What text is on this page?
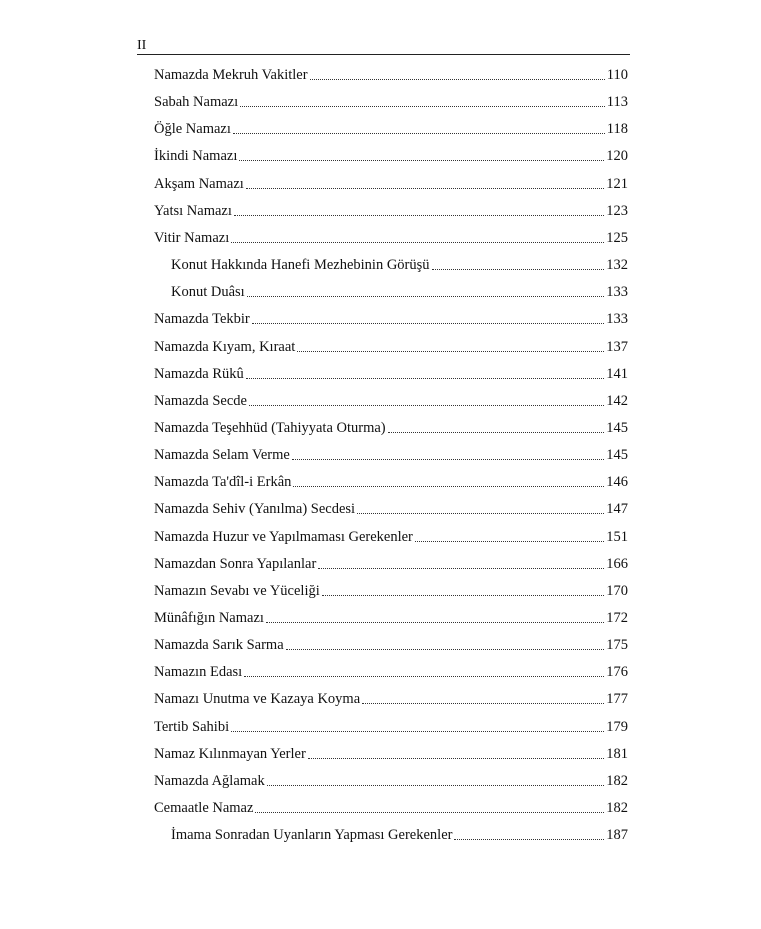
II
Namazda Mekruh Vakitler	110
Sabah Namazı	113
Öğle Namazı	118
İkindi Namazı	120
Akşam Namazı	121
Yatsı Namazı	123
Vitir Namazı	125
Konut Hakkında Hanefi Mezhebinin Görüşü	132
Konut Duâsı	133
Namazda Tekbir	133
Namazda Kıyam, Kıraat	137
Namazda Rükû	141
Namazda Secde	142
Namazda Teşehhüd (Tahiyyata Oturma)	145
Namazda Selam Verme	145
Namazda Ta'dîl-i Erkân	146
Namazda Sehiv (Yanılma) Secdesi	147
Namazda Huzur ve Yapılmaması Gerekenler	151
Namazdan Sonra Yapılanlar	166
Namazın Sevabı ve Yüceliği	170
Münâfığın Namazı	172
Namazda Sarık Sarma	175
Namazın Edası	176
Namazı Unutma ve Kazaya Koyma	177
Tertib Sahibi	179
Namaz Kılınmayan Yerler	181
Namazda Ağlamak	182
Cemaatle Namaz	182
İmama Sonradan Uyanların Yapması Gerekenler	187
